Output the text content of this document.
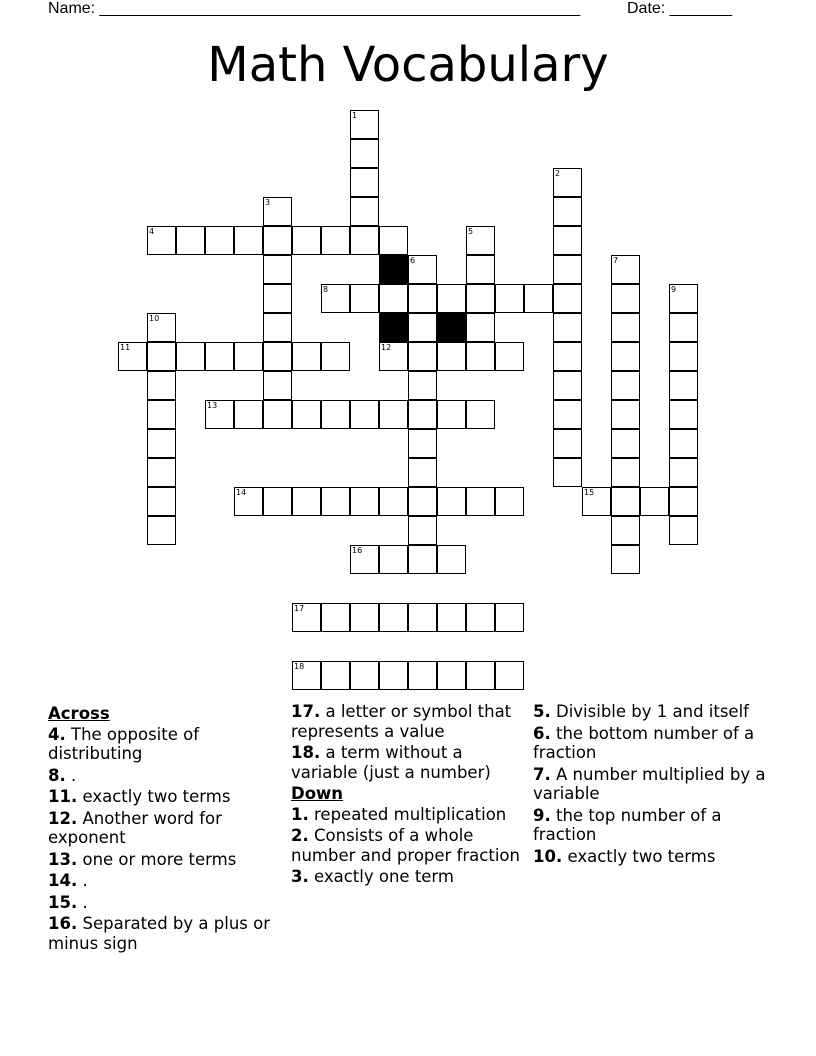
Name: ______________________________________________________	Date: _______
Math Vocabulary
1
2
3
4	5
6	7
8	9
10
11	12
13
14	15
16
17
18
Across
4. The opposite of distributing
8. .
11. exactly two terms
12. Another word for exponent
13. one or more terms
14. .
15. .
16. Separated by a plus or minus sign
17. a letter or symbol that represents a value
18. a term without a variable (just a number)
Down
1. repeated multiplication
2. Consists of a whole number and proper fraction
3. exactly one term
5. Divisible by 1 and itself
6. the bottom number of a fraction
7. A number multiplied by a variable
9. the top number of a fraction
10. exactly two terms
